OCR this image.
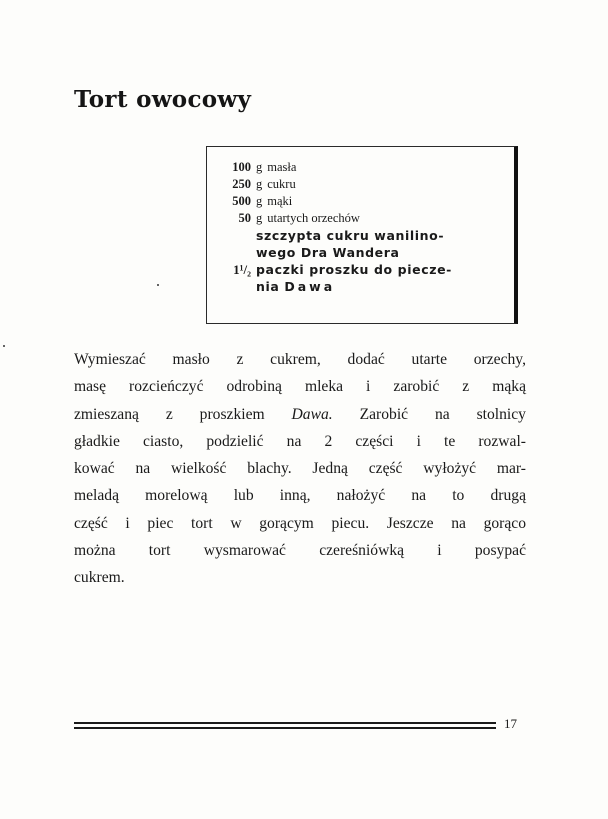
Tort owocowy
100 g masła
250 g cukru
500 g mąki
50 g utartych orzechów
szczypta cukru wanilino-
wego Dra Wandera
1¹/₂ paczki proszku do piecze-
nia
Dawa
Wymieszać masło z cukrem, dodać utarte orzechy,
masę rozcieńczyć odrobiną mleka i zarobić z mąką
zmieszaną z proszkiem Dawa. Zarobić na stolnicy
gładkie ciasto, podzielić na 2 części i te rozwal-
kować na wielkość blachy. Jedną część wyłożyć mar-
meladą morelową lub inną, nałożyć na to drugą
część i piec tort w gorącym piecu. Jeszcze na gorąco
można tort wysmarować czereśniówką i posypać
cukrem.
17
